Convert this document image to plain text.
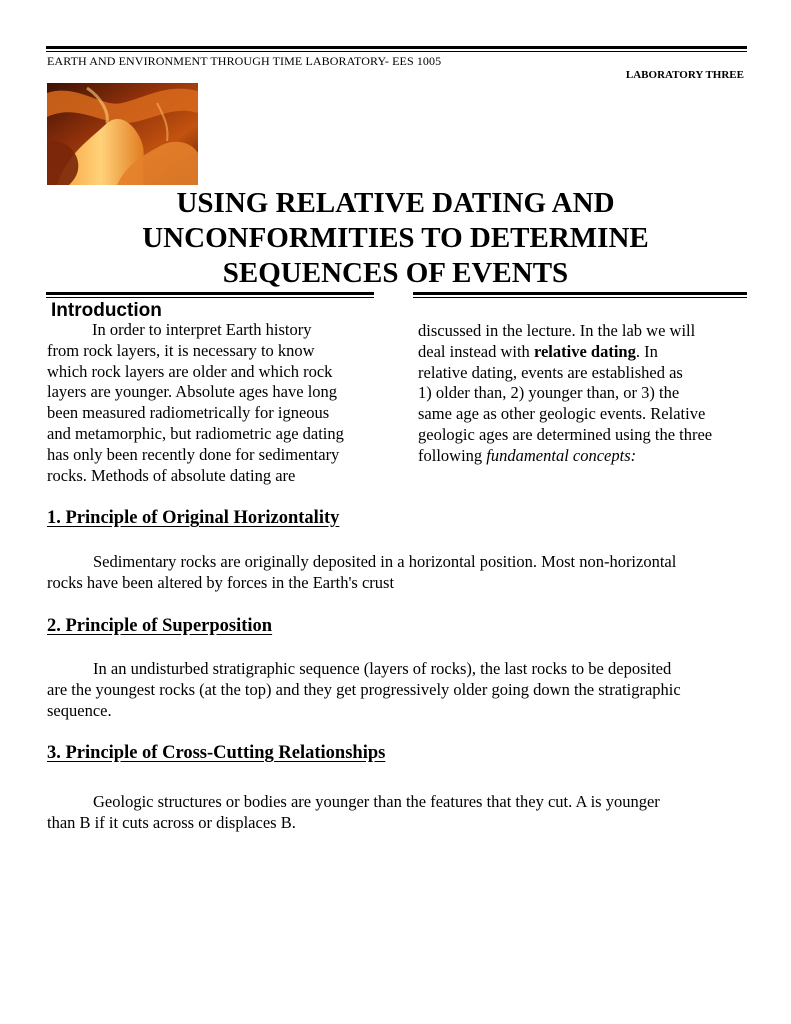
EARTH AND ENVIRONMENT THROUGH TIME LABORATORY- EES 1005
LABORATORY THREE
USING RELATIVE DATING AND
UNCONFORMITIES TO DETERMINE
SEQUENCES OF EVENTS
Introduction
In order to interpret Earth history
from rock layers, it is necessary to know
which rock layers are older and which rock
layers are younger. Absolute ages have long
been measured radiometrically for igneous
and metamorphic, but radiometric age dating
has only been recently done for sedimentary
rocks. Methods of absolute dating are
discussed in the lecture. In the lab we will
deal instead with relative dating. In
relative dating, events are established as
1) older than, 2) younger than, or 3) the
same age as other geologic events. Relative
geologic ages are determined using the three
following fundamental concepts:
1. Principle of Original Horizontality
Sedimentary rocks are originally deposited in a horizontal position. Most non-horizontal
rocks have been altered by forces in the Earth's crust
2. Principle of Superposition
In an undisturbed stratigraphic sequence (layers of rocks), the last rocks to be deposited
are the youngest rocks (at the top) and they get progressively older going down the stratigraphic
sequence.
3. Principle of Cross-Cutting Relationships
Geologic structures or bodies are younger than the features that they cut. A is younger
than B if it cuts across or displaces B.
